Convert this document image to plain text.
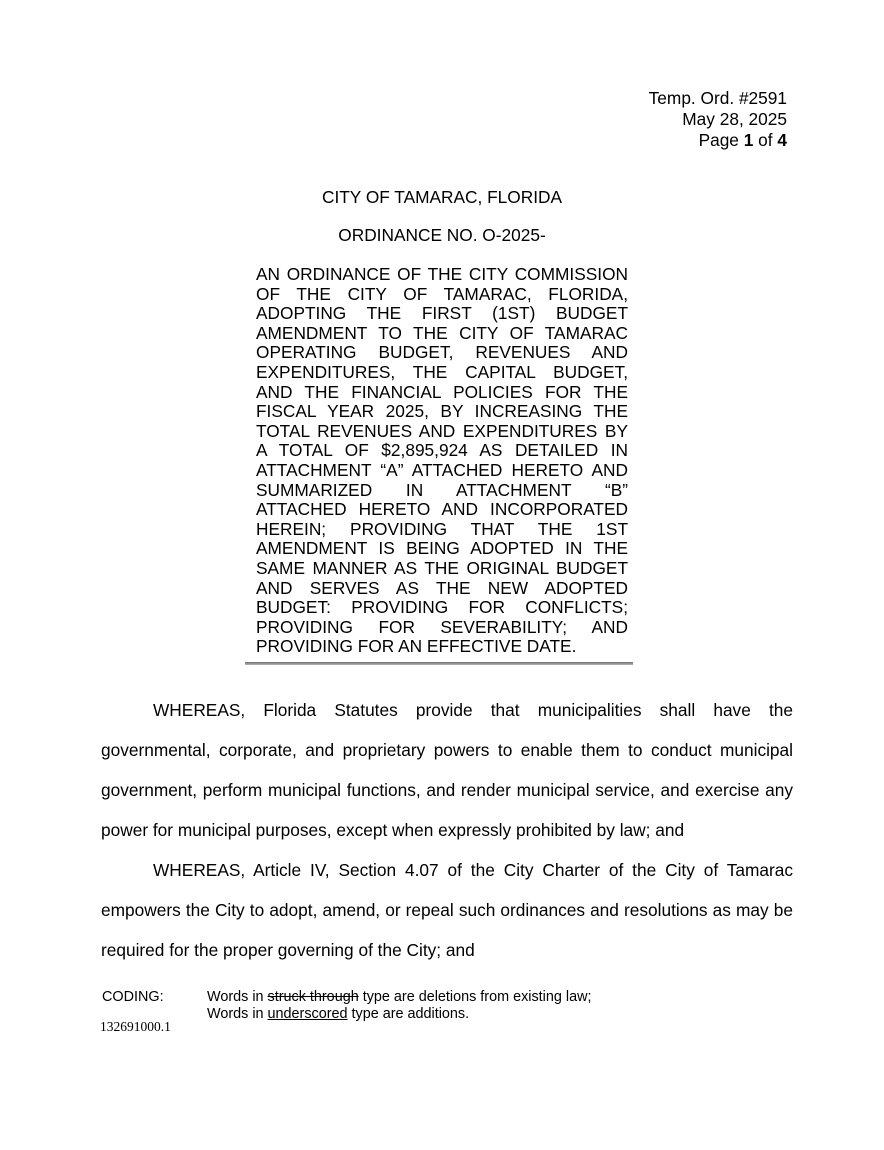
Temp. Ord. #2591
May 28, 2025
Page 1 of 4
CITY OF TAMARAC, FLORIDA
ORDINANCE NO. O-2025-
AN ORDINANCE OF THE CITY COMMISSION OF THE CITY OF TAMARAC, FLORIDA, ADOPTING THE FIRST (1ST) BUDGET AMENDMENT TO THE CITY OF TAMARAC OPERATING BUDGET, REVENUES AND EXPENDITURES, THE CAPITAL BUDGET, AND THE FINANCIAL POLICIES FOR THE FISCAL YEAR 2025, BY INCREASING THE TOTAL REVENUES AND EXPENDITURES BY A TOTAL OF $2,895,924 AS DETAILED IN ATTACHMENT “A” ATTACHED HERETO AND SUMMARIZED IN ATTACHMENT “B” ATTACHED HERETO AND INCORPORATED HEREIN; PROVIDING THAT THE 1ST AMENDMENT IS BEING ADOPTED IN THE SAME MANNER AS THE ORIGINAL BUDGET AND SERVES AS THE NEW ADOPTED BUDGET: PROVIDING FOR CONFLICTS; PROVIDING FOR SEVERABILITY; AND PROVIDING FOR AN EFFECTIVE DATE.

WHEREAS, Florida Statutes provide that municipalities shall have the governmental, corporate, and proprietary powers to enable them to conduct municipal government, perform municipal functions, and render municipal service, and exercise any power for municipal purposes, except when expressly prohibited by law; and

WHEREAS, Article IV, Section 4.07 of the City Charter of the City of Tamarac empowers the City to adopt, amend, or repeal such ordinances and resolutions as may be required for the proper governing of the City; and

CODING:	Words in struck through type are deletions from existing law;
Words in underscored type are additions.
132691000.1
